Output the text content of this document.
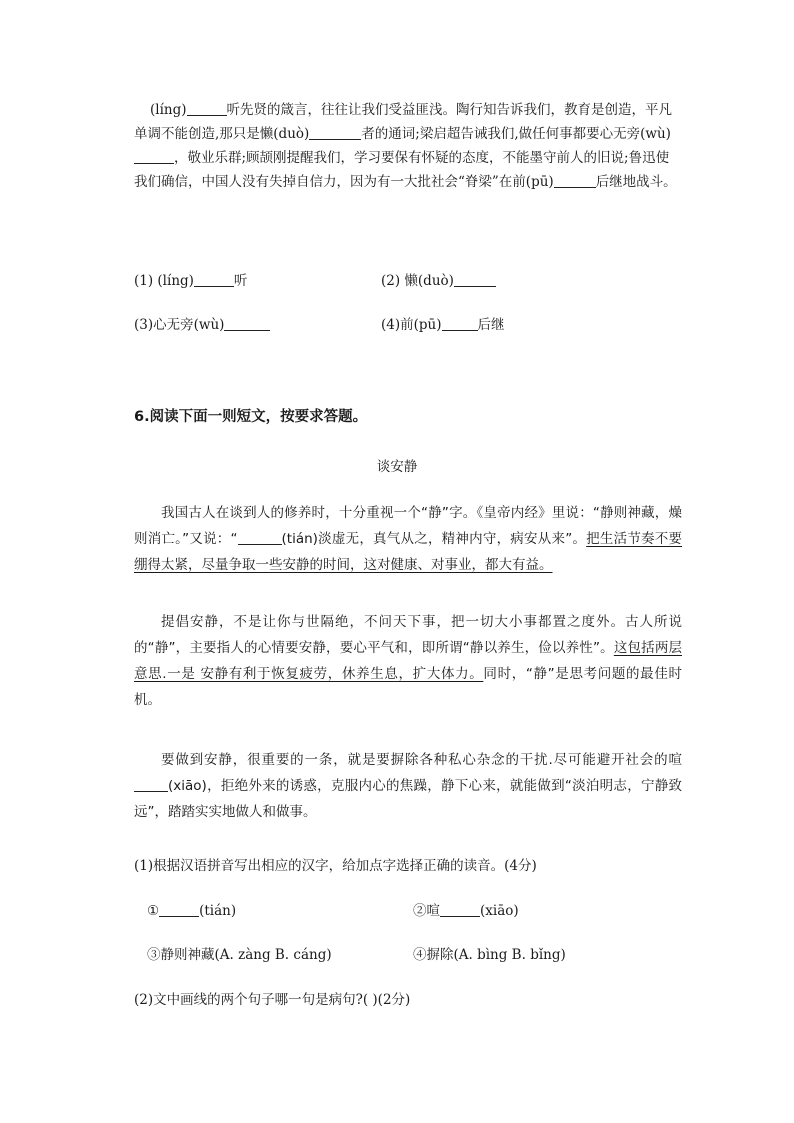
(líng)	听先贤的箴言，往往让我们受益匪浅。陶行知告诉我们，教育是创造，平凡单调不能创造,那只是懒(duò)	者的通词;梁启超告诫我们,做任何事都要心无旁(wù)，敬业乐群;顾颉刚提醒我们，学习要保有怀疑的态度，不能墨守前人的旧说;鲁迅使我们确信，中国人没有失掉自信力，因为有一大批社会“脊梁”在前(pū)	后继地战斗。
(1) (líng)	听	(2) 懒(duò)
(3)心无旁(wù)	(4)前(pū)	后继
6.阅读下面一则短文，按要求答题。
谈安静
我国古人在谈到人的修养时，十分重视一个“静”字。《皇帝内经》里说：“静则神藏，燥则消亡。”又说：“	(tián)淡虚无，真气从之，精神内守，病安从来”。把生活节奏不要绷得太紧，尽量争取一些安静的时间，这对健康、对事业，都大有益。
提倡安静，不是让你与世隔绝，不问天下事，把一切大小事都置之度外。古人所说的“静”，主要指人的心情要安静，要心平气和，即所谓“静以养生，俭以养性”。这包括两层意思.一是 安静有利于恢复疲劳，休养生息，扩大体力。同时，“静”是思考问题的最佳时机。
要做到安静，很重要的一条，就是要摒除各种私心杂念的干扰.尽可能避开社会的喧(xiāo)，拒绝外来的诱惑，克服内心的焦躁，静下心来，就能做到“淡泊明志，宁静致远”，踏踏实实地做人和做事。
(1)根据汉语拼音写出相应的汉字，给加点字选择正确的读音。(4分)
①	(tián)	②喧	(xiāo)
③静则神藏(A. zàng B. cáng)	④摒除(A. bìng B. bǐng)
(2)文中画线的两个句子哪一句是病句?( )(2分)
